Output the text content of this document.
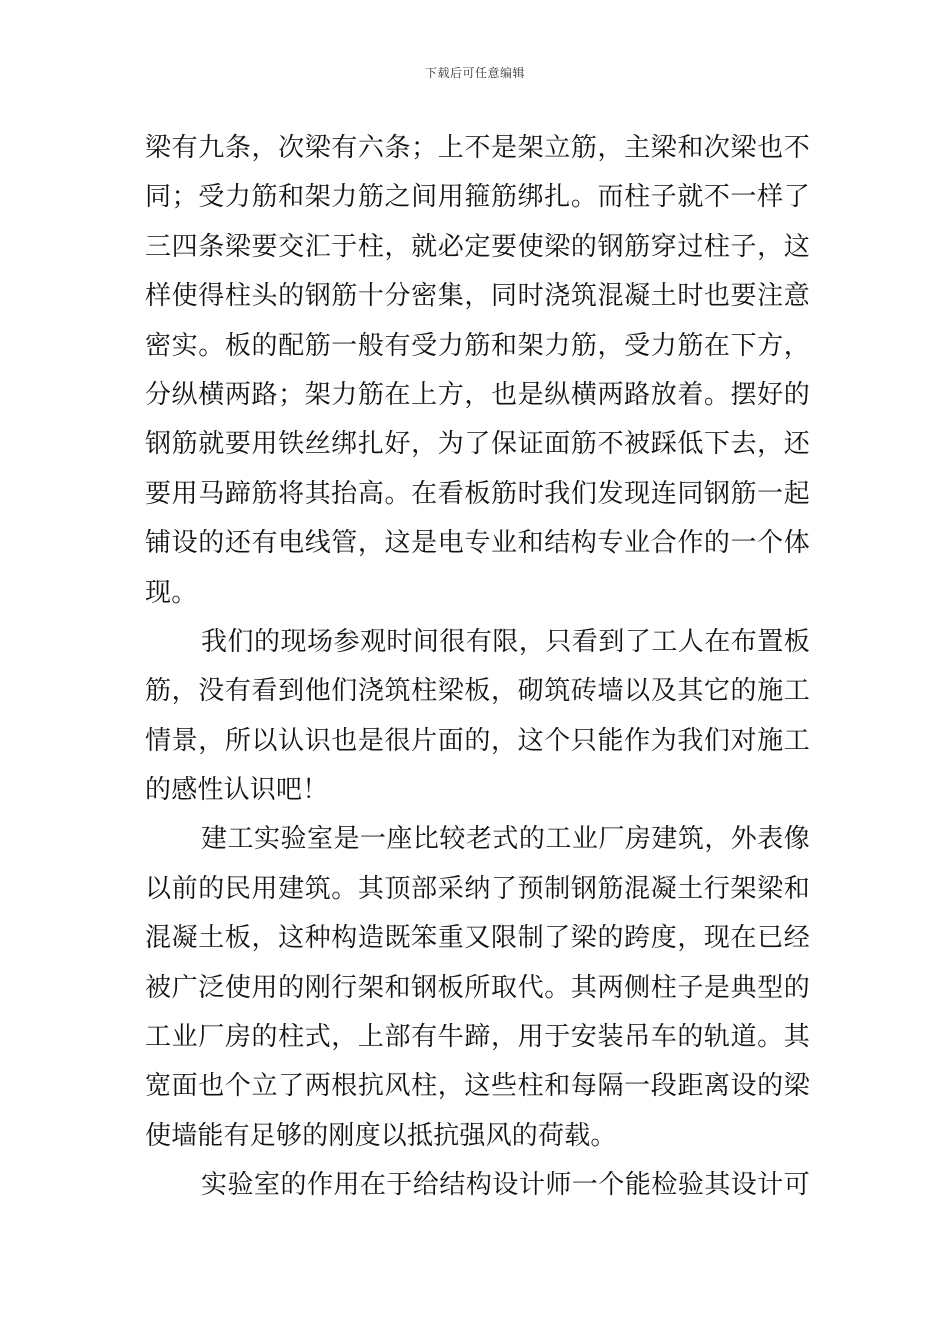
下载后可任意编辑
梁有九条，次梁有六条；上不是架立筋，主梁和次梁也不
同；受力筋和架力筋之间用箍筋绑扎。而柱子就不一样了
三四条梁要交汇于柱，就必定要使梁的钢筋穿过柱子，这
样使得柱头的钢筋十分密集，同时浇筑混凝土时也要注意
密实。板的配筋一般有受力筋和架力筋，受力筋在下方，
分纵横两路；架力筋在上方，也是纵横两路放着。摆好的
钢筋就要用铁丝绑扎好，为了保证面筋不被踩低下去，还
要用马蹄筋将其抬高。在看板筋时我们发现连同钢筋一起
铺设的还有电线管，这是电专业和结构专业合作的一个体
现。
我们的现场参观时间很有限，只看到了工人在布置板
筋，没有看到他们浇筑柱梁板，砌筑砖墙以及其它的施工
情景，所以认识也是很片面的，这个只能作为我们对施工
的感性认识吧！
建工实验室是一座比较老式的工业厂房建筑，外表像
以前的民用建筑。其顶部采纳了预制钢筋混凝土行架梁和
混凝土板，这种构造既笨重又限制了梁的跨度，现在已经
被广泛使用的刚行架和钢板所取代。其两侧柱子是典型的
工业厂房的柱式，上部有牛蹄，用于安装吊车的轨道。其
宽面也个立了两根抗风柱，这些柱和每隔一段距离设的梁
使墙能有足够的刚度以抵抗强风的荷载。
实验室的作用在于给结构设计师一个能检验其设计可
